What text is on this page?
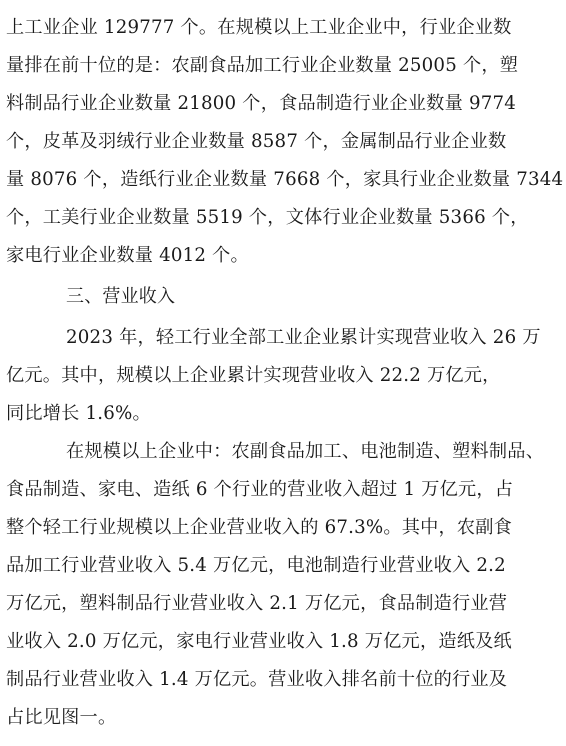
上工业企业 129777 个。在规模以上工业企业中，行业企业数
量排在前十位的是：农副食品加工行业企业数量 25005 个，塑
料制品行业企业数量 21800 个，食品制造行业企业数量 9774
个，皮革及羽绒行业企业数量 8587 个，金属制品行业企业数
量 8076 个，造纸行业企业数量 7668 个，家具行业企业数量 7344
个，工美行业企业数量 5519 个，文体行业企业数量 5366 个，
家电行业企业数量 4012 个。
三、营业收入
2023 年，轻工行业全部工业企业累计实现营业收入 26 万
亿元。其中，规模以上企业累计实现营业收入 22.2 万亿元，
同比增长 1.6%。
在规模以上企业中：农副食品加工、电池制造、塑料制品、
食品制造、家电、造纸 6 个行业的营业收入超过 1 万亿元，占
整个轻工行业规模以上企业营业收入的 67.3%。其中，农副食
品加工行业营业收入 5.4 万亿元，电池制造行业营业收入 2.2
万亿元，塑料制品行业营业收入 2.1 万亿元，食品制造行业营
业收入 2.0 万亿元，家电行业营业收入 1.8 万亿元，造纸及纸
制品行业营业收入 1.4 万亿元。营业收入排名前十位的行业及
占比见图一。
